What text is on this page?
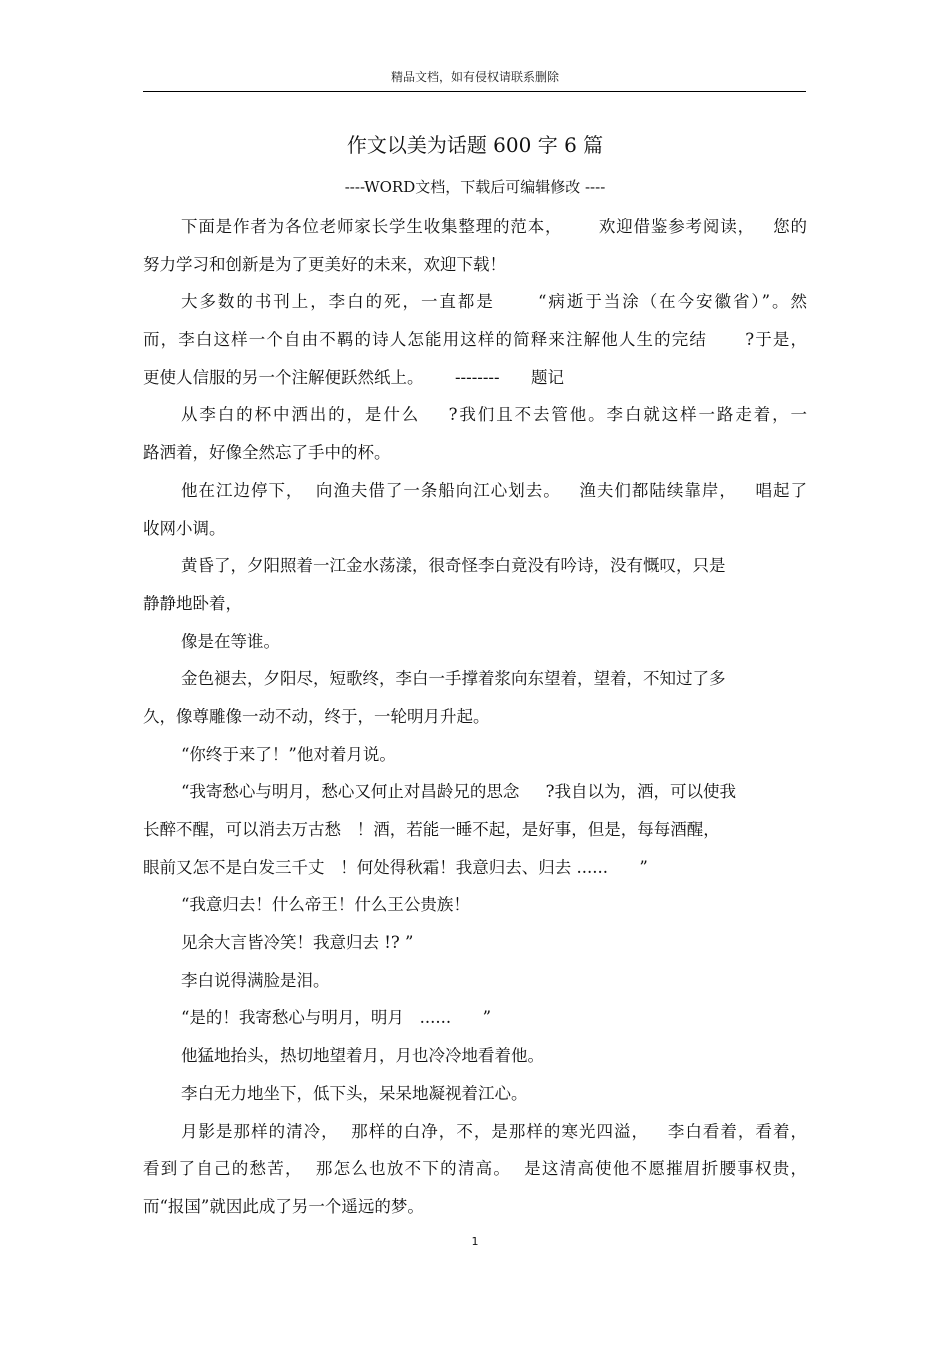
精品文档，如有侵权请联系删除
作文以美为话题 600 字 6 篇
----WORD文档，下载后可编辑修改 ----
下面是作者为各位老师家长学生收集整理的范本，      欢迎借鉴参考阅读，   您的
努力学习和创新是为了更美好的未来，欢迎下载！
大多数的书刊上，李白的死，一直都是      “病逝于当涂（在今安徽省）”。然
而，李白这样一个自由不羁的诗人怎能用这样的简释来注解他人生的完结      ?于是，
更使人信服的另一个注解便跃然纸上。      --------      题记
从李白的杯中洒出的，是什么    ?我们且不去管他。李白就这样一路走着，一
路洒着，好像全然忘了手中的杯。
他在江边停下，  向渔夫借了一条船向江心划去。   渔夫们都陆续靠岸，   唱起了
收网小调。
黄昏了，夕阳照着一江金水荡漾，很奇怪李白竟没有吟诗，没有慨叹，只是
静静地卧着，
像是在等谁。
金色褪去，夕阳尽，短歌终，李白一手撑着浆向东望着，望着，不知过了多
久，像尊雕像一动不动，终于，一轮明月升起。
“你终于来了！”他对着月说。
“我寄愁心与明月，愁心又何止对昌龄兄的思念     ?我自以为，酒，可以使我
长醉不醒，可以消去万古愁   ！酒，若能一睡不起，是好事，但是，每每酒醒，
眼前又怎不是白发三千丈   ！何处得秋霜！我意归去、归去 ......      ”
“我意归去！什么帝王！什么王公贵族！
见余大言皆冷笑！我意归去 !? ”
李白说得满脸是泪。
“是的！我寄愁心与明月，明月   ......      ”
他猛地抬头，热切地望着月，月也冷冷地看着他。
李白无力地坐下，低下头，呆呆地凝视着江心。
月影是那样的清冷，  那样的白净，不，是那样的寒光四溢，   李白看着，看着，
看到了自己的愁苦，  那怎么也放不下的清高。  是这清高使他不愿摧眉折腰事权贵，
而“报国”就因此成了另一个遥远的梦。
1
